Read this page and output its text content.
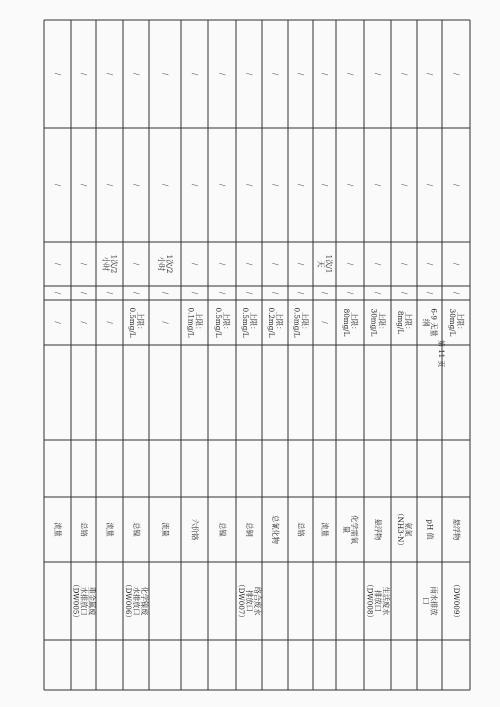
流量
/
/
/
/
/
重金属废
水排放口
（DW005）
总铬
/
/
/
/
/
流量
/
/
1次/2
小时
/
/
化学镍废
水排放口
（DW006）
总镍
上限：
0.5mg/L
/
/
/
/
流量
/
/
1次/2
小时
/
/
六价铬
上限：
0.1mg/L
/
/
/
/
总镍
上限：
0.5mg/L
/
/
/
/
络合废水
排放口
（DW007）
总铜
上限：
0.5mg/L
/
/
/
/
总氰化物
上限：
0.2mg/L
/
/
/
/
总铬
上限：
0.5mg/L
/
/
/
/
流量
/
/
1次/1
天
/
/
化学需氧
量
上限：
80mg/L
/
/
/
/
生活废水
排放口
（DW008）
悬浮物
上限：
30mg/L
/
/
/
/
氨氮
（NH3-N）
上限：
8mg/L
/
/
/
/
雨水排放
口
pH 值
6-9 无量
纲
/
/
/
/
（DW009）
悬浮物
上限：
30mg/L
/
/
/
/
第 11 页
